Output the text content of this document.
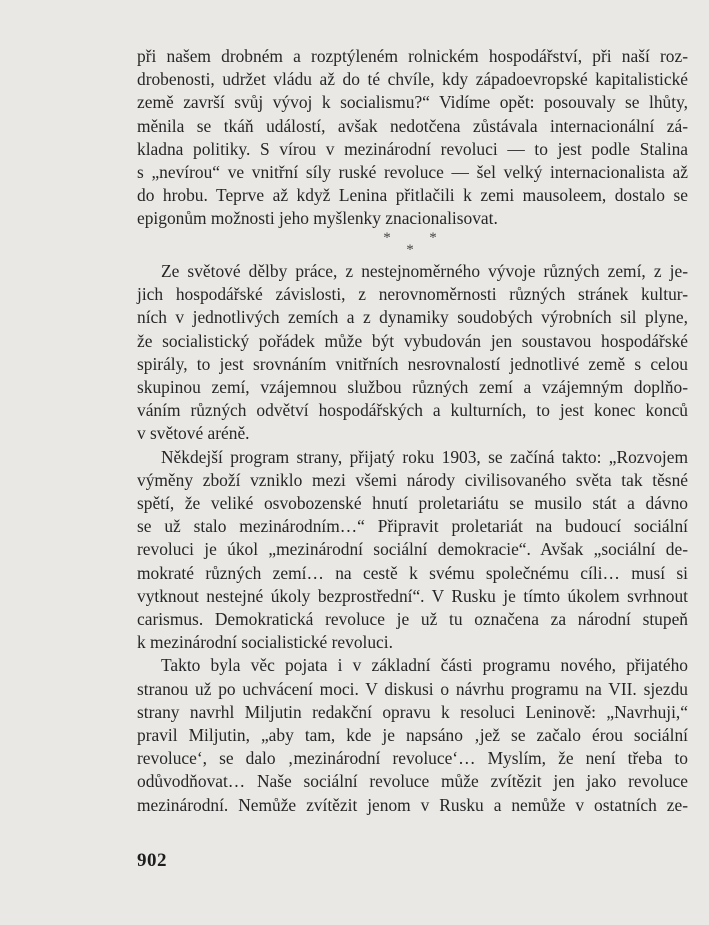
při našem drobném a rozptýleném rolnickém hospodářství, při naší roz-
drobenosti, udržet vládu až do té chvíle, kdy západoevropské kapitalistické
země završí svůj vývoj k socialismu?“ Vidíme opět: posouvaly se lhůty,
měnila se tkáň událostí, avšak nedotčena zůstávala internacionální zá-
kladna politiky. S vírou v mezinárodní revoluci — to jest podle Stalina
s „nevírou“ ve vnitřní síly ruské revoluce — šel velký internacionalista až
do hrobu. Teprve až když Lenina přitlačili k zemi mausoleem, dostalo se
epigonům možnosti jeho myšlenky znacionalisovat.
*
*
*
Ze světové dělby práce, z nestejnoměrného vývoje různých zemí, z je-
jich hospodářské závislosti, z nerovnoměrnosti různých stránek kultur-
ních v jednotlivých zemích a z dynamiky soudobých výrobních sil plyne,
že socialistický pořádek může být vybudován jen soustavou hospodářské
spirály, to jest srovnáním vnitřních nesrovnalostí jednotlivé země s celou
skupinou zemí, vzájemnou službou různých zemí a vzájemným doplňo-
váním různých odvětví hospodářských a kulturních, to jest konec konců
v světové aréně.
Někdejší program strany, přijatý roku 1903, se začíná takto: „Rozvojem
výměny zboží vzniklo mezi všemi národy civilisovaného světa tak těsné
spětí, že veliké osvobozenské hnutí proletariátu se musilo stát a dávno
se už stalo mezinárodním…“ Připravit proletariát na budoucí sociální
revoluci je úkol „mezinárodní sociální demokracie“. Avšak „sociální de-
mokraté různých zemí… na cestě k svému společnému cíli… musí si
vytknout nestejné úkoly bezprostřední“. V Rusku je tímto úkolem svrhnout
carismus. Demokratická revoluce je už tu označena za národní stupeň
k mezinárodní socialistické revoluci.
Takto byla věc pojata i v základní části programu nového, přijatého
stranou už po uchvácení moci. V diskusi o návrhu programu na VII. sjezdu
strany navrhl Miljutin redakční opravu k resoluci Leninově: „Navrhuji,“
pravil Miljutin, „aby tam, kde je napsáno ‚jež se začalo érou sociální
revoluce‘, se dalo ‚mezinárodní revoluce‘… Myslím, že není třeba to
odůvodňovat… Naše sociální revoluce může zvítězit jen jako revoluce
mezinárodní. Nemůže zvítězit jenom v Rusku a nemůže v ostatních ze-
902
